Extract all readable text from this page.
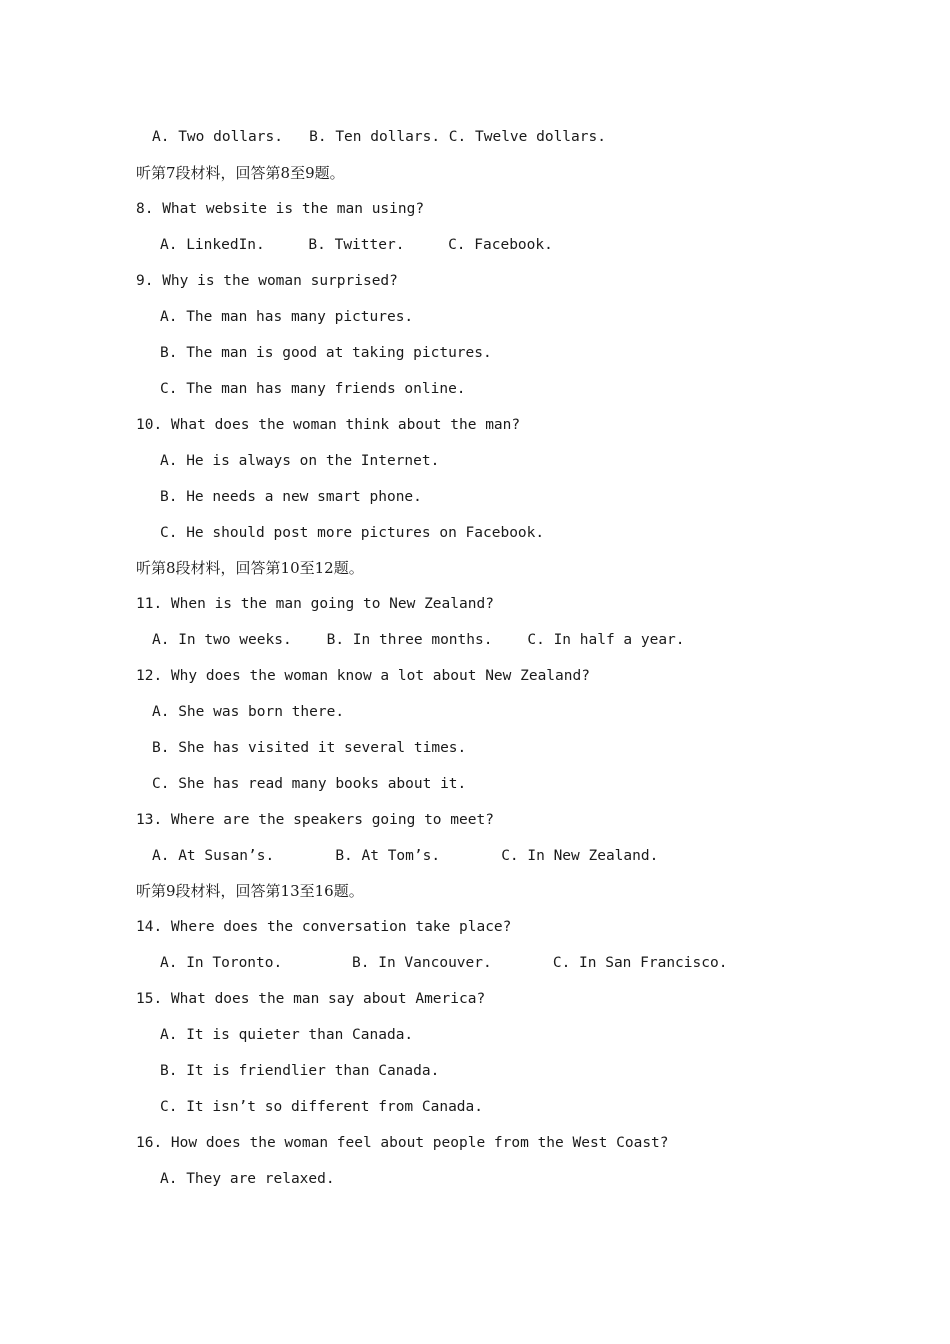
A. Two dollars.   B. Ten dollars. C. Twelve dollars.
听第7段材料，回答第8至9题。
8. What website is the man using?
A. LinkedIn.     B. Twitter.     C. Facebook.
9. Why is the woman surprised?
A. The man has many pictures.
B. The man is good at taking pictures.
C. The man has many friends online.
10. What does the woman think about the man?
A. He is always on the Internet.
B. He needs a new smart phone.
C. He should post more pictures on Facebook.
听第8段材料，回答第10至12题。
11. When is the man going to New Zealand?
A. In two weeks.    B. In three months.    C. In half a year.
12. Why does the woman know a lot about New Zealand?
A. She was born there.
B. She has visited it several times.
C. She has read many books about it.
13. Where are the speakers going to meet?
A. At Susan’s.       B. At Tom’s.       C. In New Zealand.
听第9段材料，回答第13至16题。
14. Where does the conversation take place?
A. In Toronto.        B. In Vancouver.       C. In San Francisco.
15. What does the man say about America?
A. It is quieter than Canada.
B. It is friendlier than Canada.
C. It isn’t so different from Canada.
16. How does the woman feel about people from the West Coast?
A. They are relaxed.
